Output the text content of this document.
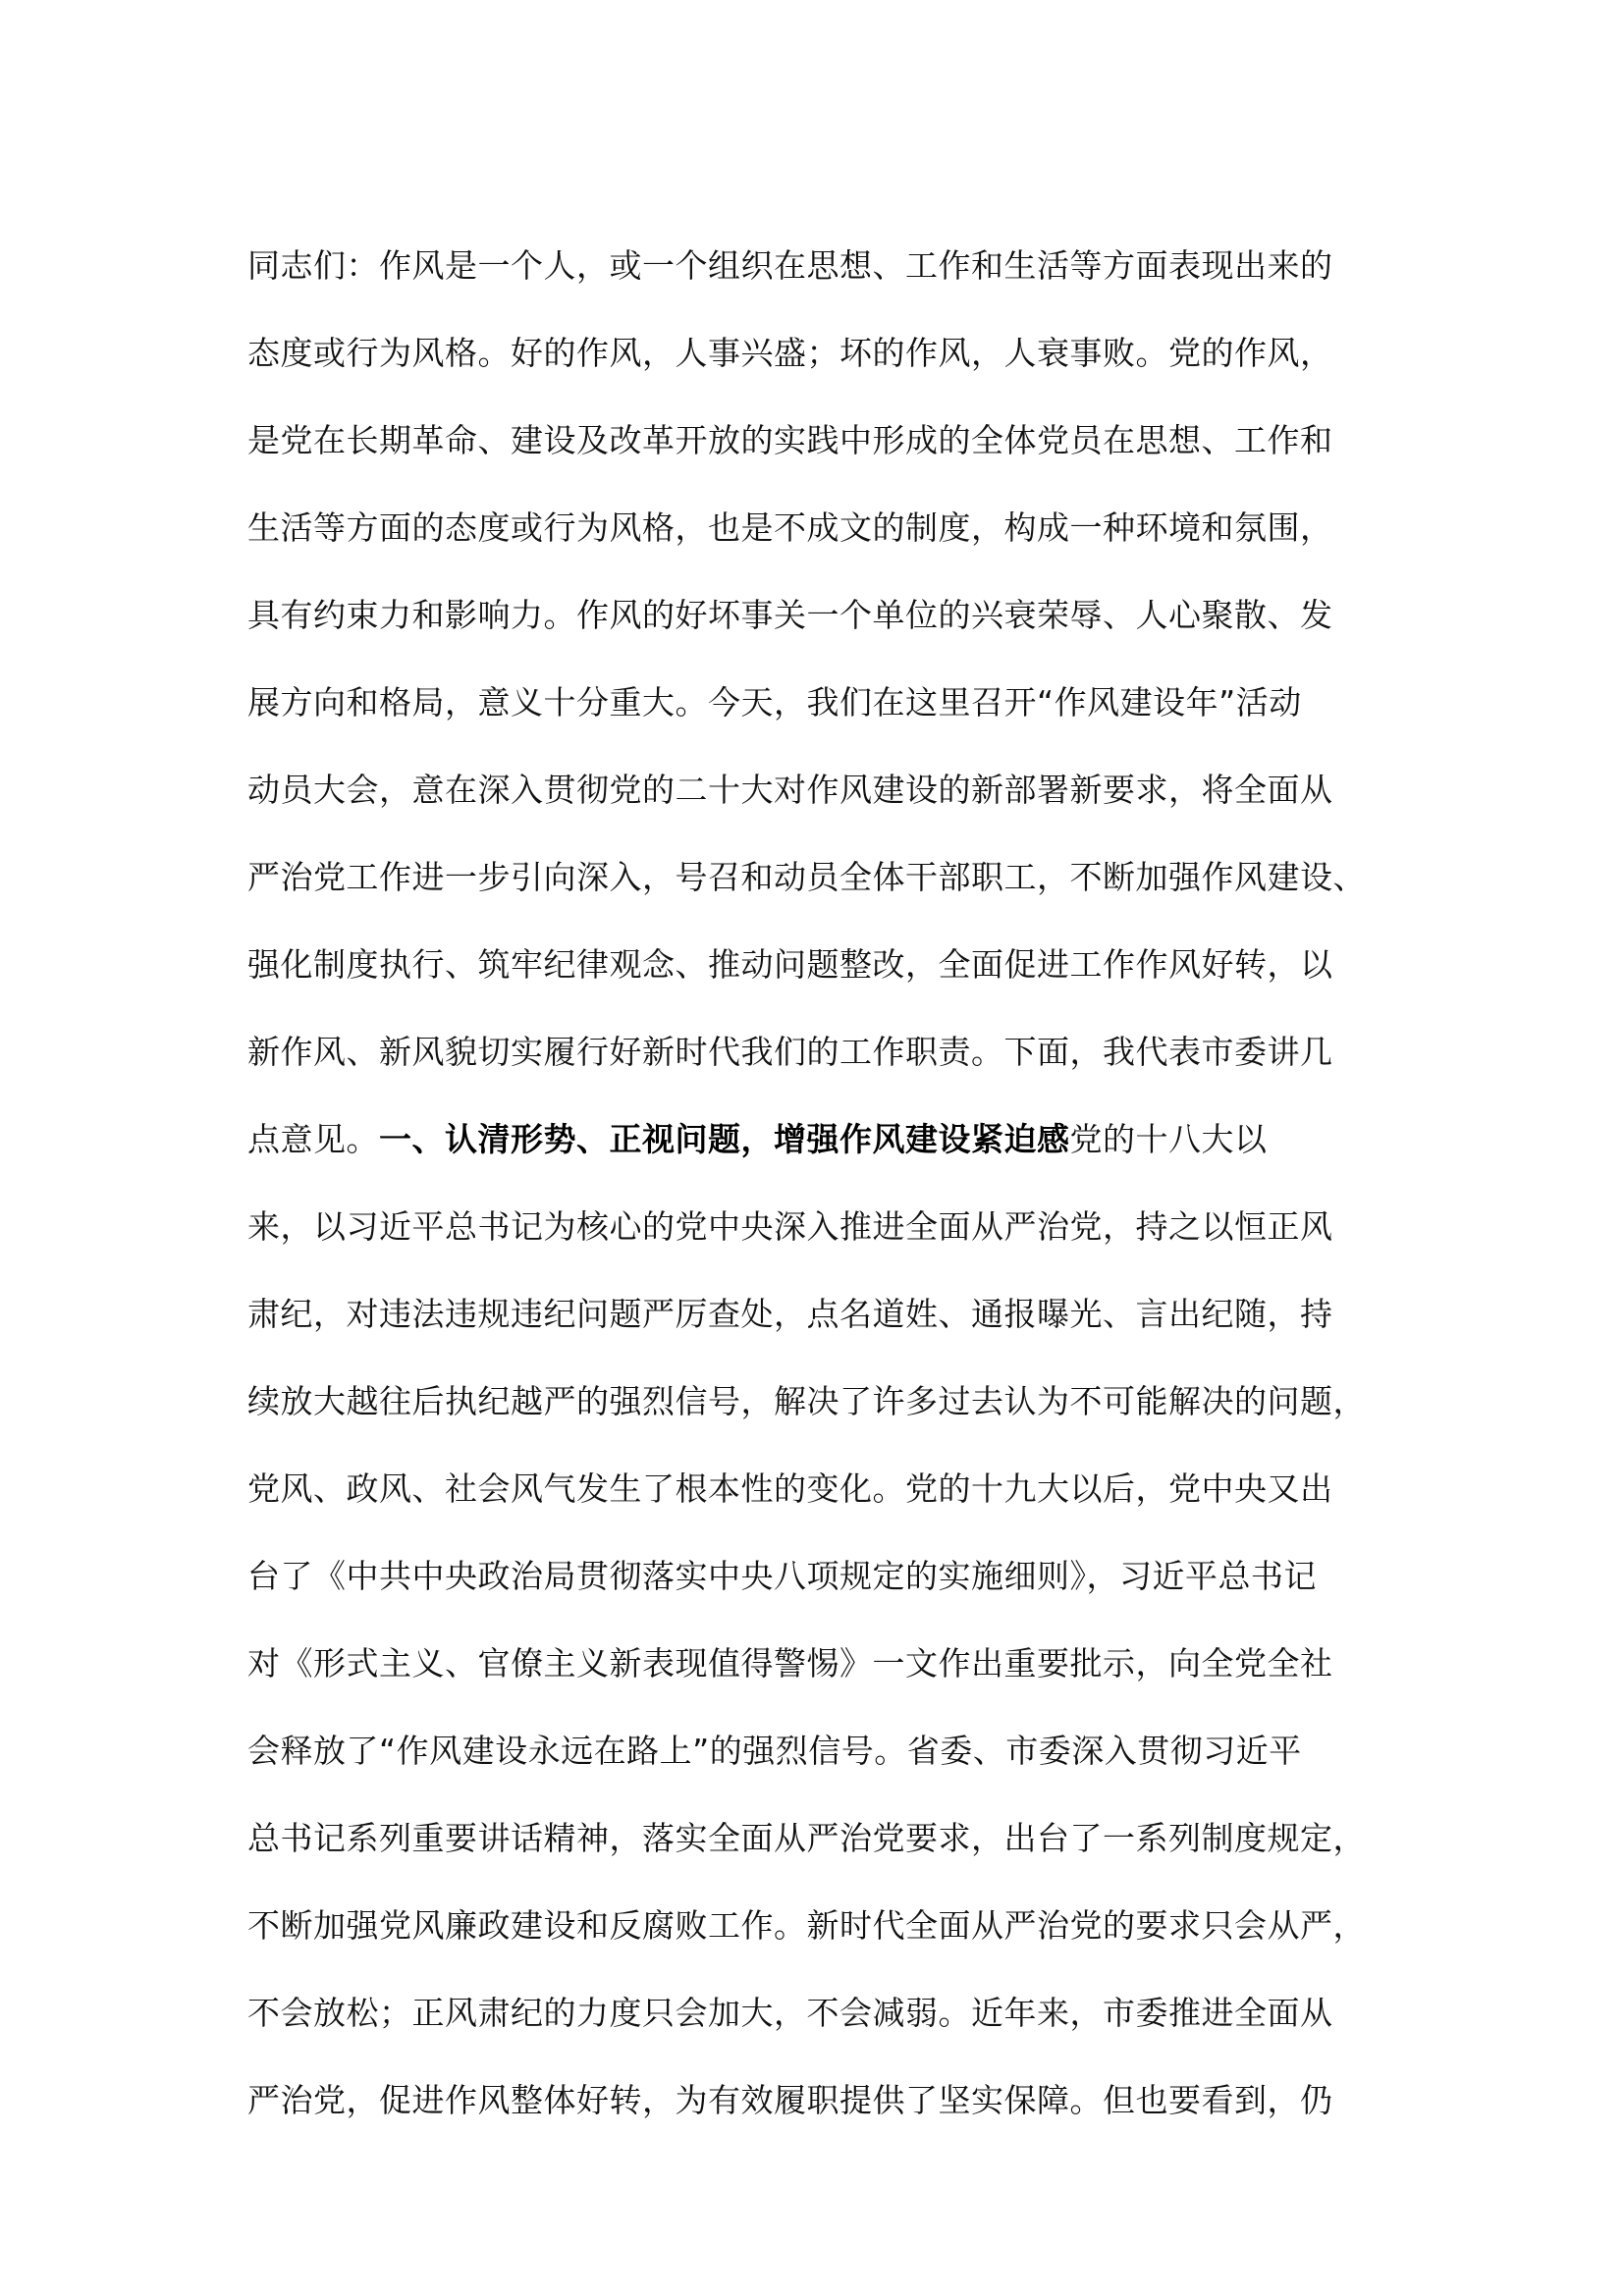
同志们：作风是一个人，或一个组织在思想、工作和生活等方面表现出来的
态度或行为风格。好的作风，人事兴盛；坏的作风，人衰事败。党的作风，
是党在长期革命、建设及改革开放的实践中形成的全体党员在思想、工作和
生活等方面的态度或行为风格，也是不成文的制度，构成一种环境和氛围，
具有约束力和影响力。作风的好坏事关一个单位的兴衰荣辱、人心聚散、发
展方向和格局，意义十分重大。今天，我们在这里召开“作风建设年”活动
动员大会，意在深入贯彻党的二十大对作风建设的新部署新要求，将全面从
严治党工作进一步引向深入，号召和动员全体干部职工，不断加强作风建设、
强化制度执行、筑牢纪律观念、推动问题整改，全面促进工作作风好转，以
新作风、新风貌切实履行好新时代我们的工作职责。下面，我代表市委讲几
点意见。一、认清形势、正视问题，增强作风建设紧迫感党的十八大以
来，以习近平总书记为核心的党中央深入推进全面从严治党，持之以恒正风
肃纪，对违法违规违纪问题严厉查处，点名道姓、通报曝光、言出纪随，持
续放大越往后执纪越严的强烈信号，解决了许多过去认为不可能解决的问题，
党风、政风、社会风气发生了根本性的变化。党的十九大以后，党中央又出
台了《中共中央政治局贯彻落实中央八项规定的实施细则》，习近平总书记
对《形式主义、官僚主义新表现值得警惕》一文作出重要批示，向全党全社
会释放了“作风建设永远在路上”的强烈信号。省委、市委深入贯彻习近平
总书记系列重要讲话精神，落实全面从严治党要求，出台了一系列制度规定，
不断加强党风廉政建设和反腐败工作。新时代全面从严治党的要求只会从严，
不会放松；正风肃纪的力度只会加大，不会减弱。近年来，市委推进全面从
严治党，促进作风整体好转，为有效履职提供了坚实保障。但也要看到，仍
